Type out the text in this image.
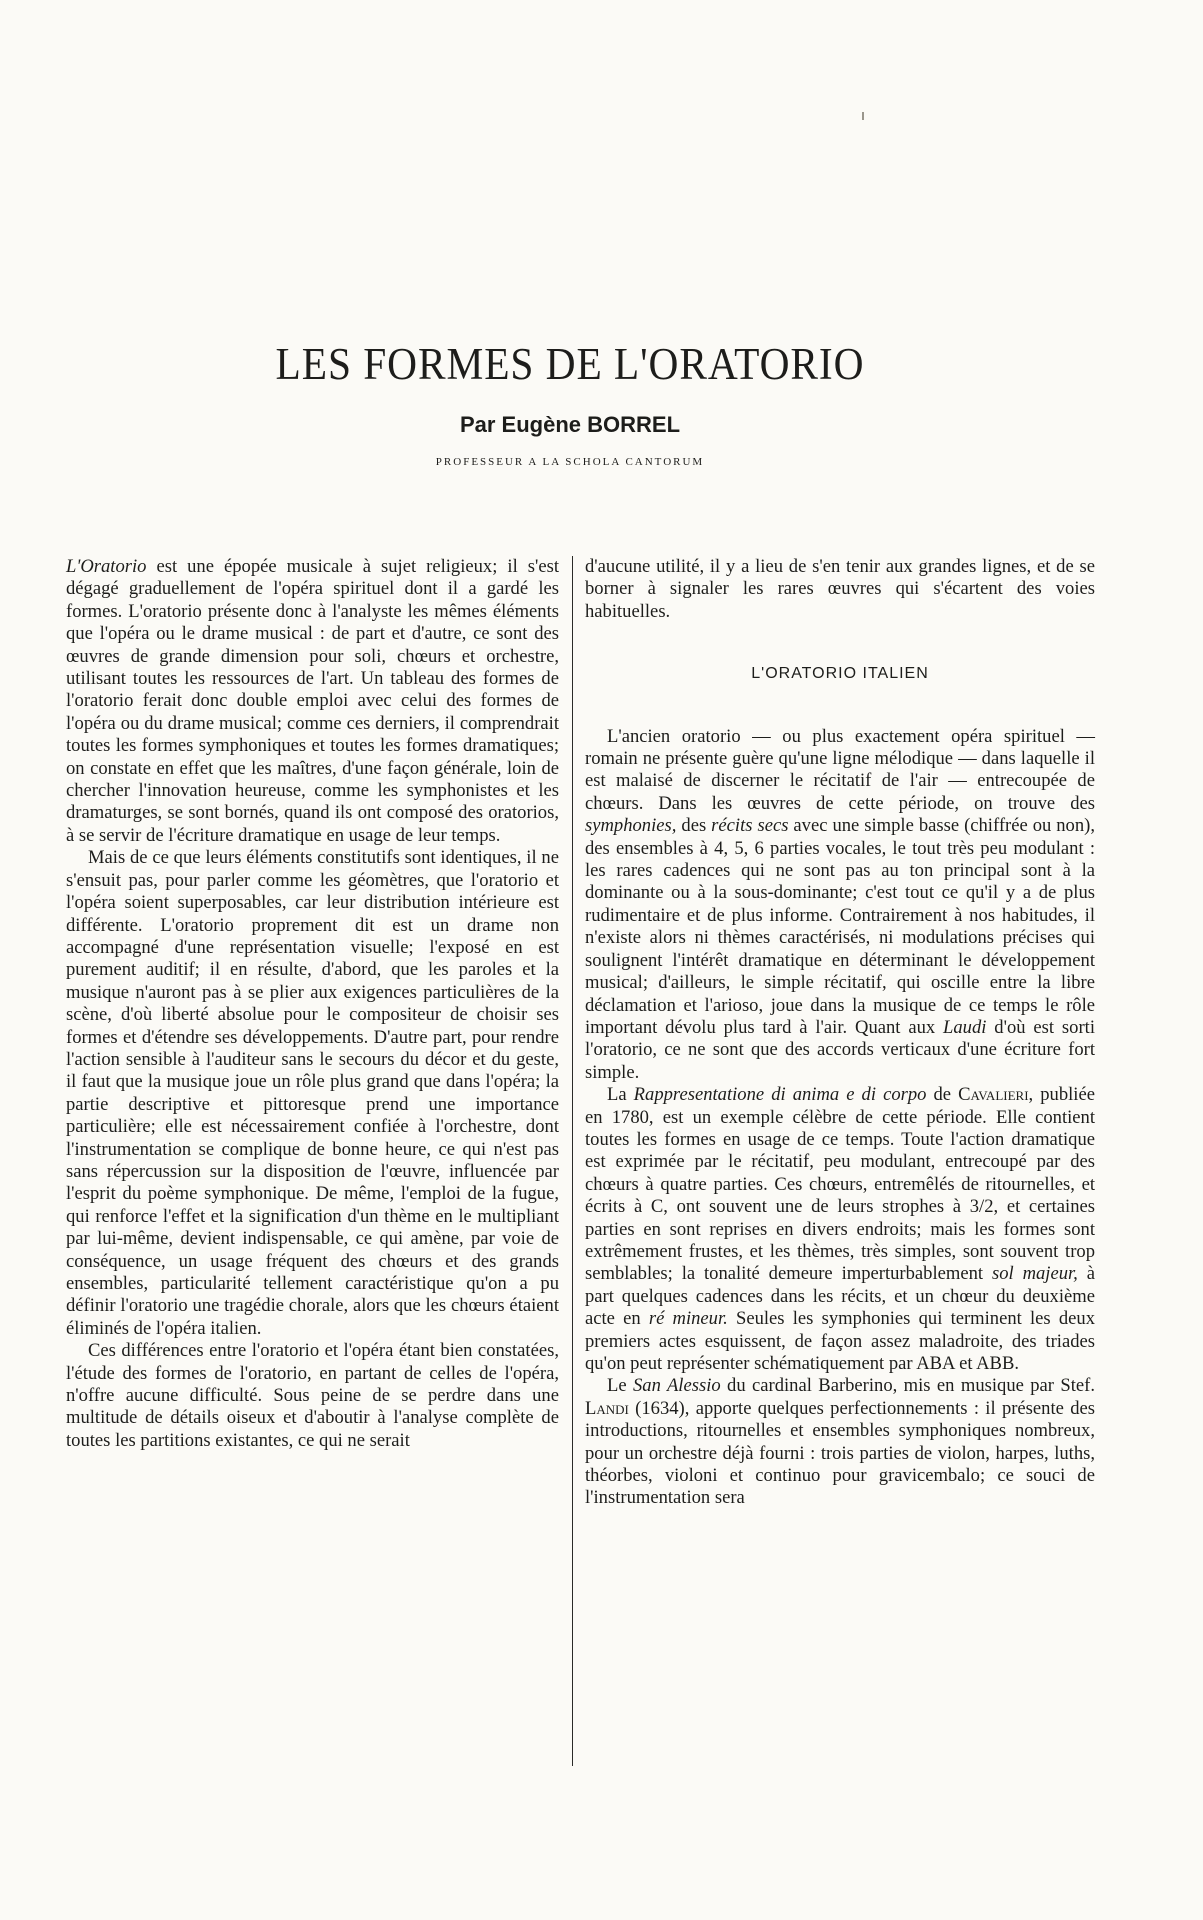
LES FORMES DE L'ORATORIO
Par Eugène BORREL
PROFESSEUR A LA SCHOLA CANTORUM

L'Oratorio est une épopée musicale à sujet religieux; il s'est dégagé graduellement de l'opéra spirituel dont il a gardé les formes. L'oratorio présente donc à l'analyste les mêmes éléments que l'opéra ou le drame musical : de part et d'autre, ce sont des œuvres de grande dimension pour soli, chœurs et orchestre, utilisant toutes les ressources de l'art. Un tableau des formes de l'oratorio ferait donc double emploi avec celui des formes de l'opéra ou du drame musical; comme ces derniers, il comprendrait toutes les formes symphoniques et toutes les formes dramatiques; on constate en effet que les maîtres, d'une façon générale, loin de chercher l'innovation heureuse, comme les symphonistes et les dramaturges, se sont bornés, quand ils ont composé des oratorios, à se servir de l'écriture dramatique en usage de leur temps.

Mais de ce que leurs éléments constitutifs sont identiques, il ne s'ensuit pas, pour parler comme les géomètres, que l'oratorio et l'opéra soient superposables, car leur distribution intérieure est différente. L'oratorio proprement dit est un drame non accompagné d'une représentation visuelle; l'exposé en est purement auditif; il en résulte, d'abord, que les paroles et la musique n'auront pas à se plier aux exigences particulières de la scène, d'où liberté absolue pour le compositeur de choisir ses formes et d'étendre ses développements. D'autre part, pour rendre l'action sensible à l'auditeur sans le secours du décor et du geste, il faut que la musique joue un rôle plus grand que dans l'opéra; la partie descriptive et pittoresque prend une importance particulière; elle est nécessairement confiée à l'orchestre, dont l'instrumentation se complique de bonne heure, ce qui n'est pas sans répercussion sur la disposition de l'œuvre, influencée par l'esprit du poème symphonique. De même, l'emploi de la fugue, qui renforce l'effet et la signification d'un thème en le multipliant par lui-même, devient indispensable, ce qui amène, par voie de conséquence, un usage fréquent des chœurs et des grands ensembles, particularité tellement caractéristique qu'on a pu définir l'oratorio une tragédie chorale, alors que les chœurs étaient éliminés de l'opéra italien.

Ces différences entre l'oratorio et l'opéra étant bien constatées, l'étude des formes de l'oratorio, en partant de celles de l'opéra, n'offre aucune difficulté. Sous peine de se perdre dans une multitude de détails oiseux et d'aboutir à l'analyse complète de toutes les partitions existantes, ce qui ne serait

d'aucune utilité, il y a lieu de s'en tenir aux grandes lignes, et de se borner à signaler les rares œuvres qui s'écartent des voies habituelles.

L'ORATORIO ITALIEN

L'ancien oratorio — ou plus exactement opéra spirituel — romain ne présente guère qu'une ligne mélodique — dans laquelle il est malaisé de discerner le récitatif de l'air — entrecoupée de chœurs. Dans les œuvres de cette période, on trouve des symphonies, des récits secs avec une simple basse (chiffrée ou non), des ensembles à 4, 5, 6 parties vocales, le tout très peu modulant : les rares cadences qui ne sont pas au ton principal sont à la dominante ou à la sous-dominante; c'est tout ce qu'il y a de plus rudimentaire et de plus informe. Contrairement à nos habitudes, il n'existe alors ni thèmes caractérisés, ni modulations précises qui soulignent l'intérêt dramatique en déterminant le développement musical; d'ailleurs, le simple récitatif, qui oscille entre la libre déclamation et l'arioso, joue dans la musique de ce temps le rôle important dévolu plus tard à l'air. Quant aux Laudi d'où est sorti l'oratorio, ce ne sont que des accords verticaux d'une écriture fort simple.

La Rappresentatione di anima e di corpo de Cavalieri, publiée en 1780, est un exemple célèbre de cette période. Elle contient toutes les formes en usage de ce temps. Toute l'action dramatique est exprimée par le récitatif, peu modulant, entrecoupé par des chœurs à quatre parties. Ces chœurs, entremêlés de ritournelles, et écrits à C, ont souvent une de leurs strophes à 3/2, et certaines parties en sont reprises en divers endroits; mais les formes sont extrêmement frustes, et les thèmes, très simples, sont souvent trop semblables; la tonalité demeure imperturbablement sol majeur, à part quelques cadences dans les récits, et un chœur du deuxième acte en ré mineur. Seules les symphonies qui terminent les deux premiers actes esquissent, de façon assez maladroite, des triades qu'on peut représenter schématiquement par ABA et ABB.

Le San Alessio du cardinal Barberino, mis en musique par Stef. Landi (1634), apporte quelques perfectionnements : il présente des introductions, ritournelles et ensembles symphoniques nombreux, pour un orchestre déjà fourni : trois parties de violon, harpes, luths, théorbes, violoni et continuo pour gravicembalo; ce souci de l'instrumentation sera
